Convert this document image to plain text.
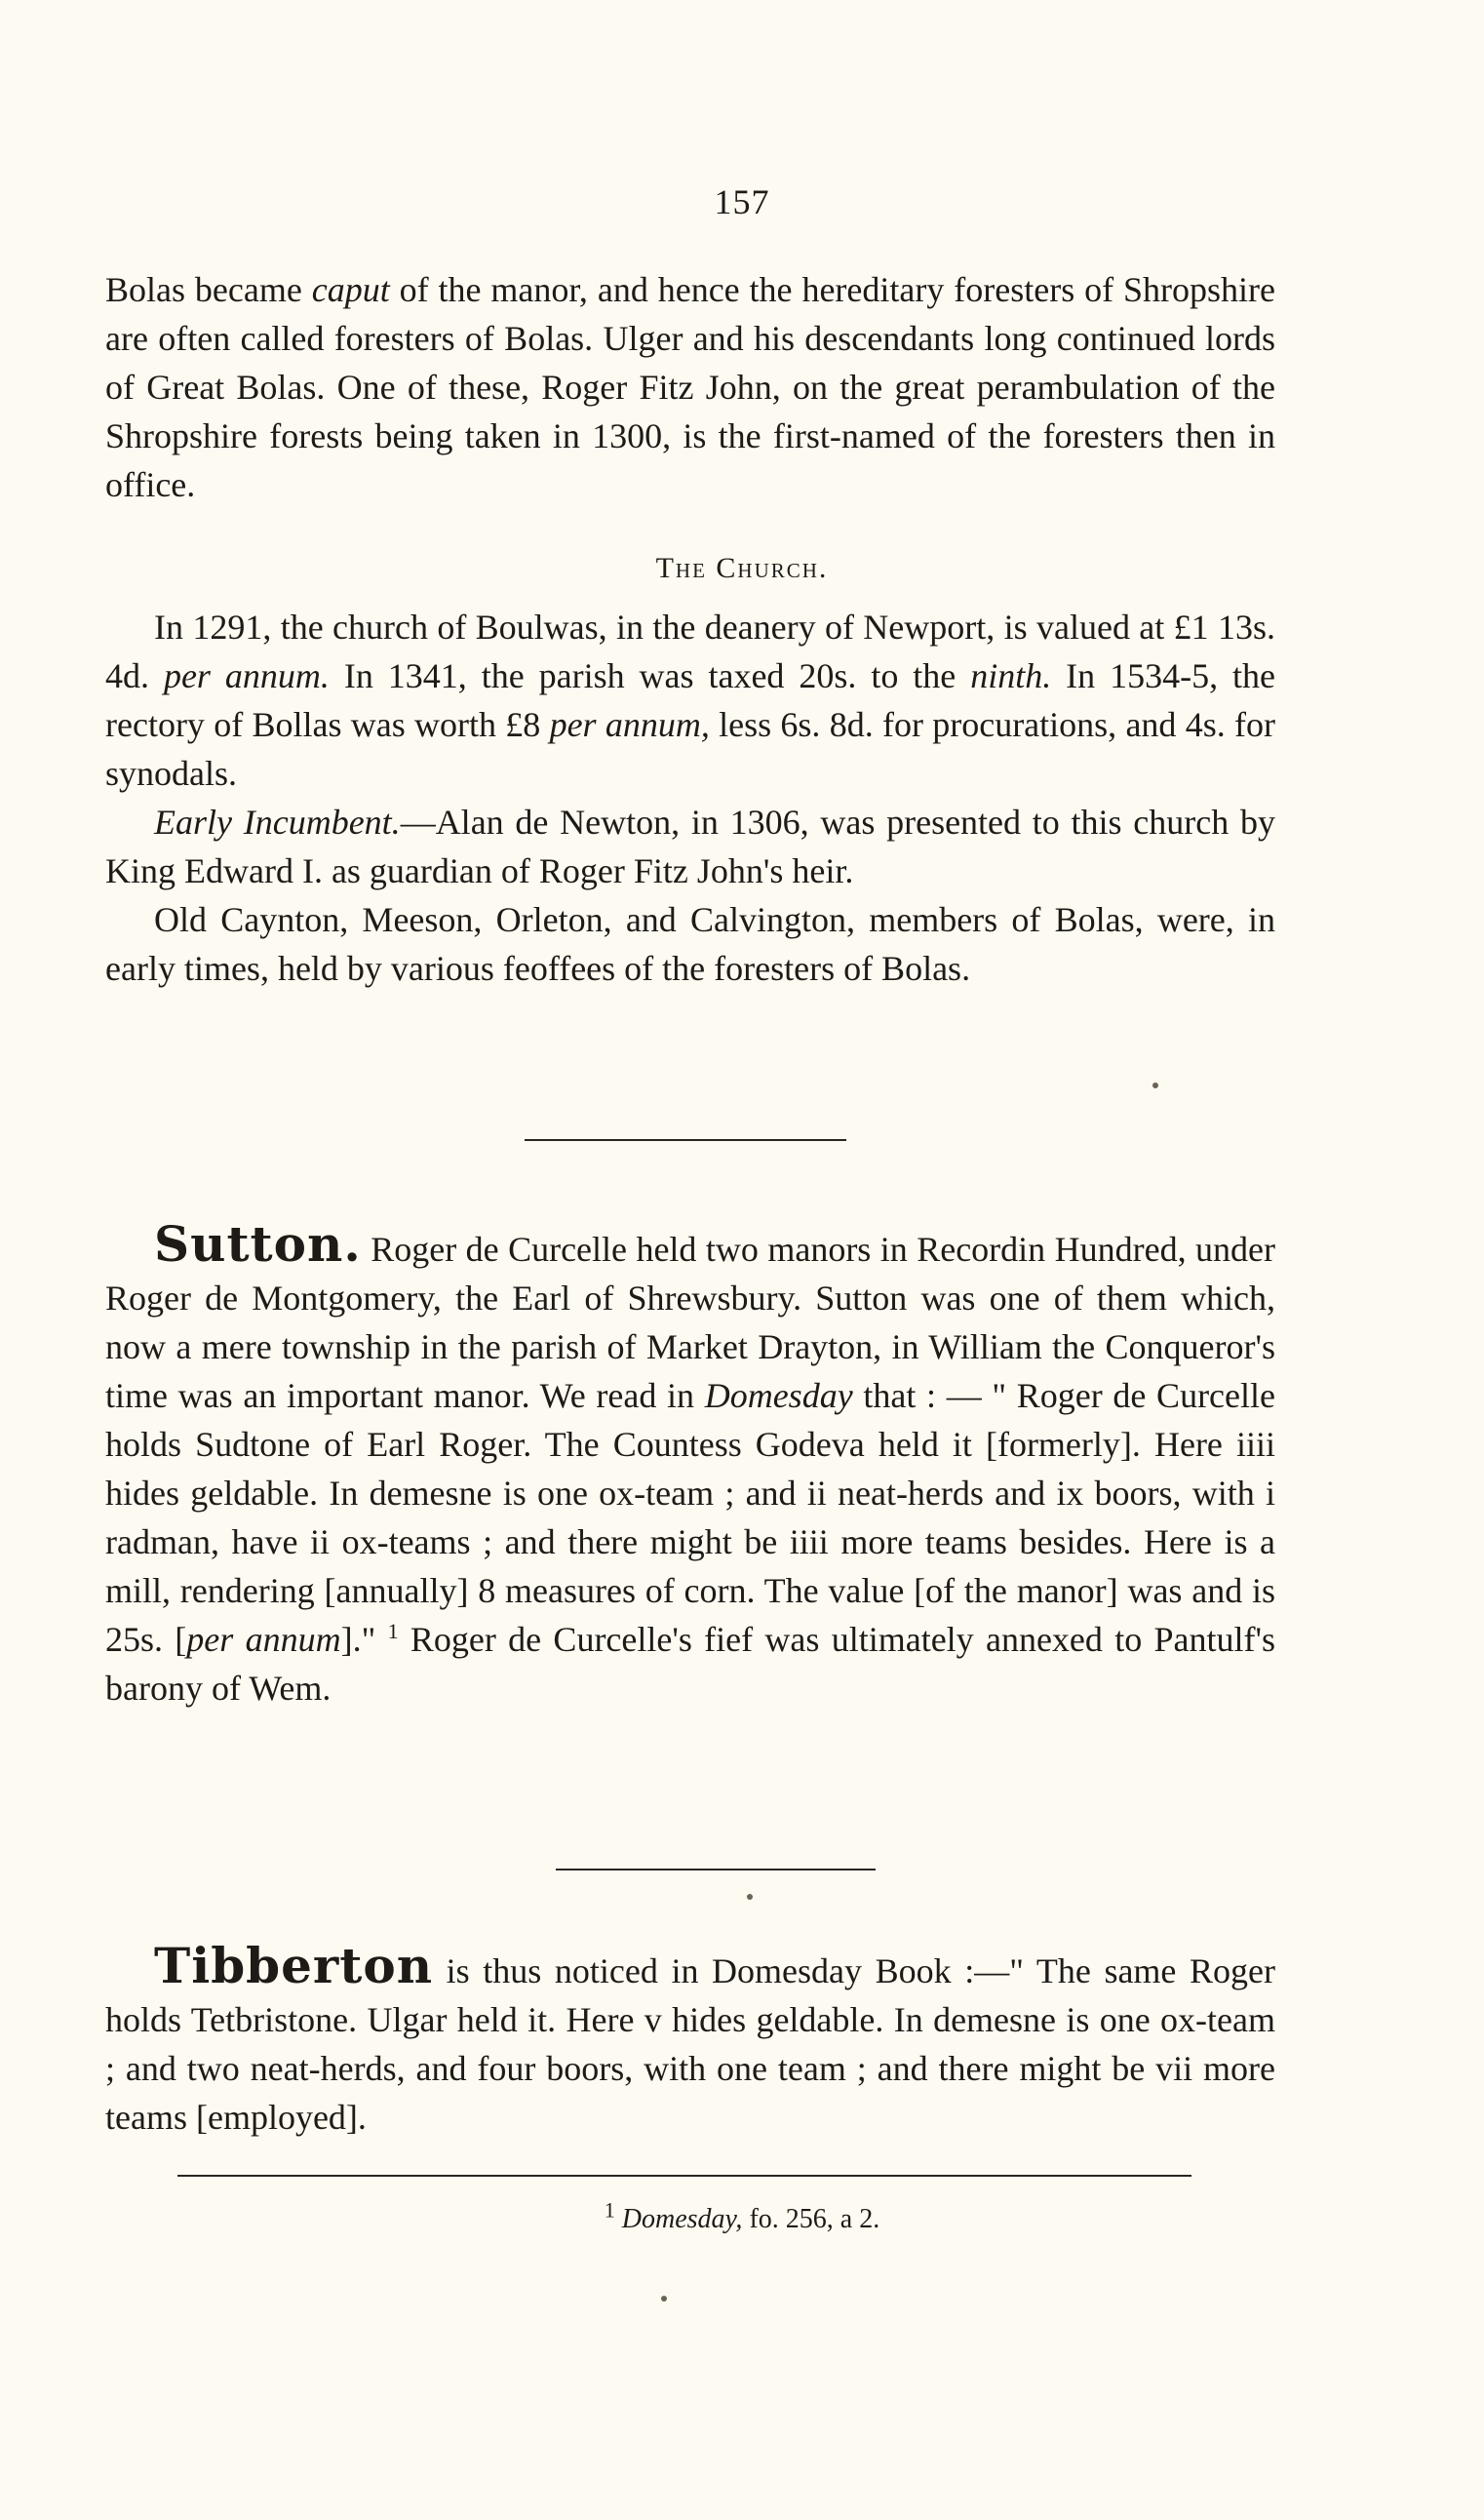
157

Bolas became caput of the manor, and hence the hereditary foresters of Shropshire are often called foresters of Bolas. Ulger and his descendants long continued lords of Great Bolas. One of these, Roger Fitz John, on the great perambulation of the Shropshire forests being taken in 1300, is the first-named of the foresters then in office.

The Church.

In 1291, the church of Boulwas, in the deanery of Newport, is valued at £1 13s. 4d. per annum. In 1341, the parish was taxed 20s. to the ninth. In 1534-5, the rectory of Bollas was worth £8 per annum, less 6s. 8d. for procurations, and 4s. for synodals.

Early Incumbent.—Alan de Newton, in 1306, was presented to this church by King Edward I. as guardian of Roger Fitz John's heir.

Old Caynton, Meeson, Orleton, and Calvington, members of Bolas, were, in early times, held by various feoffees of the foresters of Bolas.

Sutton. Roger de Curcelle held two manors in Recordin Hundred, under Roger de Montgomery, the Earl of Shrewsbury. Sutton was one of them which, now a mere township in the parish of Market Drayton, in William the Conqueror's time was an important manor. We read in Domesday that : — " Roger de Curcelle holds Sudtone of Earl Roger. The Countess Godeva held it [formerly]. Here iiii hides geldable. In demesne is one ox-team ; and ii neat-herds and ix boors, with i radman, have ii ox-teams ; and there might be iiii more teams besides. Here is a mill, rendering [annually] 8 measures of corn. The value [of the manor] was and is 25s. [per annum]." $^1$ Roger de Curcelle's fief was ultimately annexed to Pantulf's barony of Wem.

Tibberton is thus noticed in Domesday Book :—" The same Roger holds Tetbristone. Ulgar held it. Here v hides geldable. In demesne is one ox-team ; and two neat-herds, and four boors, with one team ; and there might be vii more teams [employed].

$^1$ Domesday, fo. 256, a 2.
